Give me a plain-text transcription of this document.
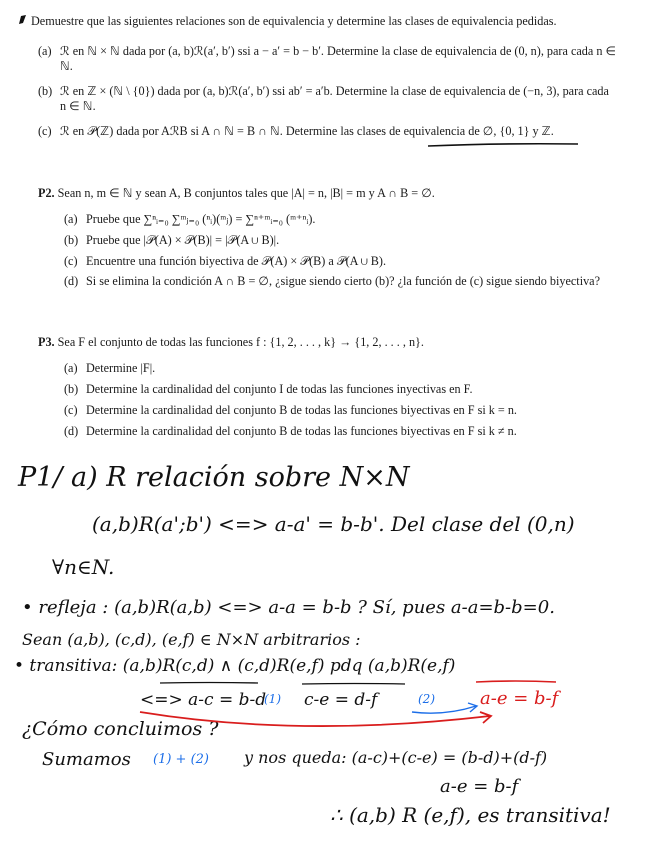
Demuestre que las siguientes relaciones son de equivalencia y determine las clases de equivalencia pedidas.
(a) ℛ en ℕ × ℕ dada por (a, b)ℛ(a′, b′) ssi a − a′ = b − b′. Determine la clase de equivalencia de (0, n), para cada n ∈ ℕ.
(b) ℛ en ℤ × (ℕ \ {0}) dada por (a, b)ℛ(a′, b′) ssi ab′ = a′b. Determine la clase de equivalencia de (−n, 3), para cada n ∈ ℕ.
(c) ℛ en 𝒫(ℤ) dada por AℛB si A ∩ ℕ = B ∩ ℕ. Determine las clases de equivalencia de ∅, {0, 1} y ℤ.
P2. Sean n, m ∈ ℕ y sean A, B conjuntos tales que |A| = n, |B| = m y A ∩ B = ∅.
(a) Pruebe que ∑ⁿᵢ₌₀ ∑ᵐⱼ₌₀ (ⁿᵢ)(ᵐⱼ) = ∑ⁿ⁺ᵐᵢ₌₀ (ᵐ⁺ⁿᵢ).
(b) Pruebe que |𝒫(A) × 𝒫(B)| = |𝒫(A ∪ B)|.
(c) Encuentre una función biyectiva de 𝒫(A) × 𝒫(B) a 𝒫(A ∪ B).
(d) Si se elimina la condición A ∩ B = ∅, ¿sigue siendo cierto (b)? ¿la función de (c) sigue siendo biyectiva?
P3. Sea F el conjunto de todas las funciones f : {1, 2, . . . , k} → {1, 2, . . . , n}.
(a) Determine |F|.
(b) Determine la cardinalidad del conjunto I de todas las funciones inyectivas en F.
(c) Determine la cardinalidad del conjunto B de todas las funciones biyectivas en F si k = n.
(d) Determine la cardinalidad del conjunto B de todas las funciones biyectivas en F si k ≠ n.
P1/ a) R relación sobre N×N
(a,b)R(a';b') <=> a-a' = b-b'. Del clase del (0,n)
∀n∈N.
• refleja : (a,b)R(a,b) <=> a-a = b-b ? Sí, pues a-a=b-b=0.
Sean (a,b), (c,d), (e,f) ∈ N×N arbitrarios :
• transitiva: (a,b)R(c,d) ∧ (c,d)R(e,f) pdq (a,b)R(e,f)
<=> a-c = b-d
(1) c-e = d-f	(2)	a-e = b-f
¿Cómo concluimos ?
Sumamos (1) + (2) y nos queda: (a-c)+(c-e) = (b-d)+(d-f)
a-e = b-f
∴ (a,b) R (e,f), es transitiva!
